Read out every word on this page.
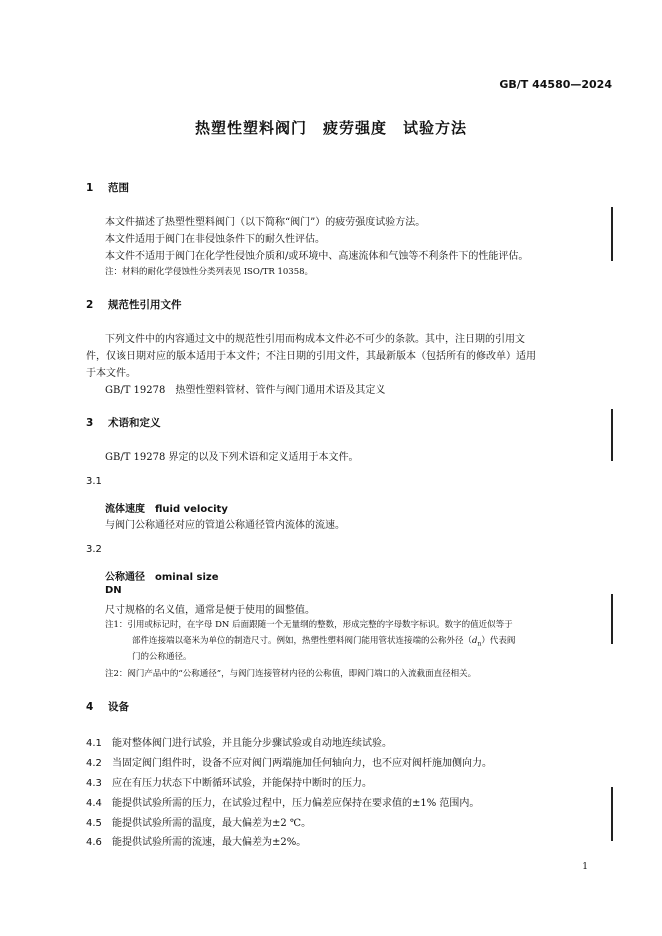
GB/T 44580—2024
热塑性塑料阀门　疲劳强度　试验方法
1 范围
本文件描述了热塑性塑料阀门（以下简称“阀门”）的疲劳强度试验方法。
本文件适用于阀门在非侵蚀条件下的耐久性评估。
本文件不适用于阀门在化学性侵蚀介质和/或环境中、高速流体和气蚀等不利条件下的性能评估。
注：材料的耐化学侵蚀性分类列表见 ISO/TR 10358。
2 规范性引用文件
下列文件中的内容通过文中的规范性引用而构成本文件必不可少的条款。其中，注日期的引用文
件，仅该日期对应的版本适用于本文件；不注日期的引用文件，其最新版本（包括所有的修改单）适用
于本文件。
GB/T 19278　热塑性塑料管材、管件与阀门通用术语及其定义
3 术语和定义
GB/T 19278 界定的以及下列术语和定义适用于本文件。
3.1
流体速度　fluid velocity
与阀门公称通径对应的管道公称通径管内流体的流速。
3.2
公称通径　ominal size
DN
尺寸规格的名义值，通常是便于使用的圆整值。
注1：引用或标记时，在字母 DN 后面跟随一个无量纲的整数，形成完整的字母数字标识。数字的值近似等于
部件连接端以毫米为单位的制造尺寸。例如，热塑性塑料阀门能用管状连接端的公称外径$(d_n)$代表阀
门的公称通径。
注2：阀门产品中的“公称通径”，与阀门连接管材内径的公称值，即阀门端口的入流截面直径相关。
4 设备
4.1 能对整体阀门进行试验，并且能分步骤试验或自动地连续试验。
4.2 当固定阀门组件时，设备不应对阀门两端施加任何轴向力，也不应对阀杆施加侧向力。
4.3 应在有压力状态下中断循环试验，并能保持中断时的压力。
4.4 能提供试验所需的压力，在试验过程中，压力偏差应保持在要求值的±1% 范围内。
4.5 能提供试验所需的温度，最大偏差为±2 ℃。
4.6 能提供试验所需的流速，最大偏差为±2%。
1
